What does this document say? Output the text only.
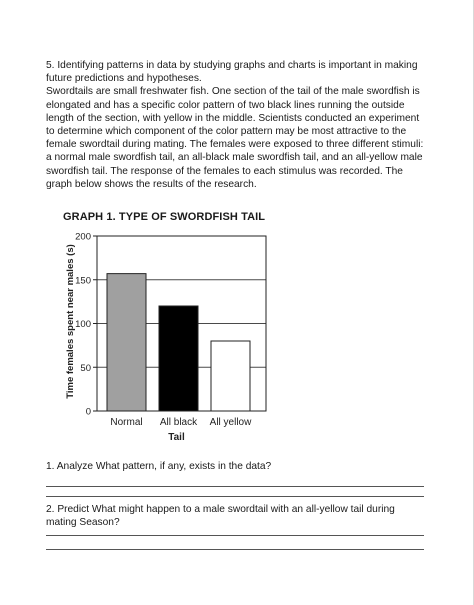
5. Identifying patterns in data by studying graphs and charts is important in making future predictions and hypotheses.

Swordtails are small freshwater fish. One section of the tail of the male swordfish is elongated and has a specific color pattern of two black lines running the outside length of the section, with yellow in the middle. Scientists conducted an experiment to determine which component of the color pattern may be most attractive to the female swordtail during mating. The females were exposed to three different stimuli: a normal male swordfish tail, an all-black male swordfish tail, and an all-yellow male swordfish tail. The response of the females to each stimulus was recorded. The graph below shows the results of the research.

GRAPH 1. TYPE OF SWORDFISH TAIL
Normal All black All yellow
0
50
100
150
200
Tail
Time females spent near males (s)
1. Analyze What pattern, if any, exists in the data?
2. Predict What might happen to a male swordtail with an all-yellow tail during mating Season?
